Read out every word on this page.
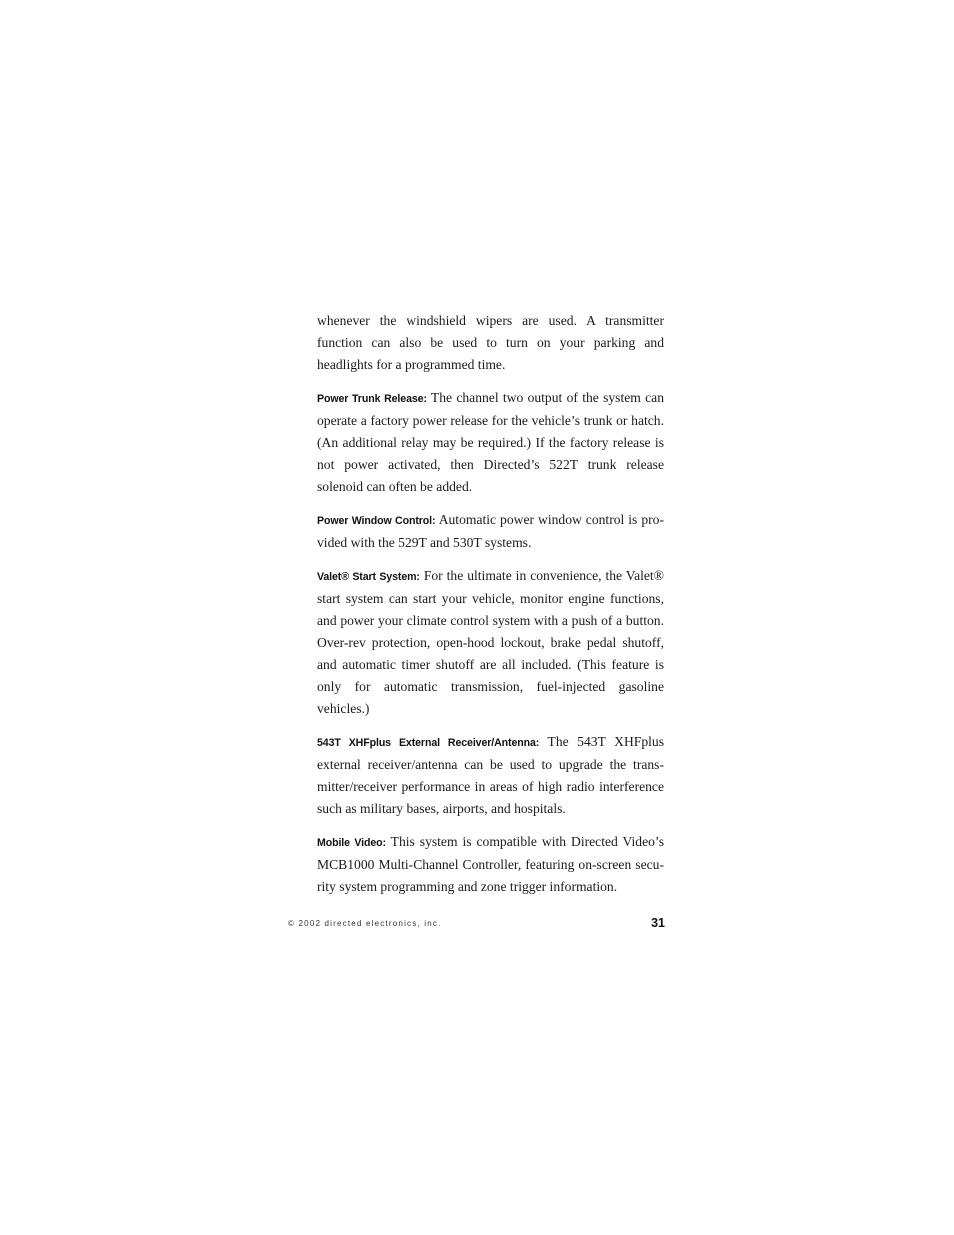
whenever the windshield wipers are used. A transmitter function can also be used to turn on your parking and headlights for a programmed time.

Power Trunk Release: The channel two output of the system can operate a factory power release for the vehicle’s trunk or hatch. (An additional relay may be required.) If the factory release is not power activated, then Directed’s 522T trunk release solenoid can often be added.

Power Window Control: Automatic power window control is pro-vided with the 529T and 530T systems.

Valet® Start System: For the ultimate in convenience, the Valet® start system can start your vehicle, monitor engine functions, and power your climate control system with a push of a button. Over-rev protection, open-hood lockout, brake pedal shutoff, and automatic timer shutoff are all included. (This feature is only for automatic transmission, fuel-injected gasoline vehicles.)

543T XHFplus External Receiver/Antenna: The 543T XHFplus external receiver/antenna can be used to upgrade the trans-mitter/receiver performance in areas of high radio interference such as military bases, airports, and hospitals.

Mobile Video: This system is compatible with Directed Video’s MCB1000 Multi-Channel Controller, featuring on-screen secu-rity system programming and zone trigger information.

© 2002 directed electronics, inc.	31
